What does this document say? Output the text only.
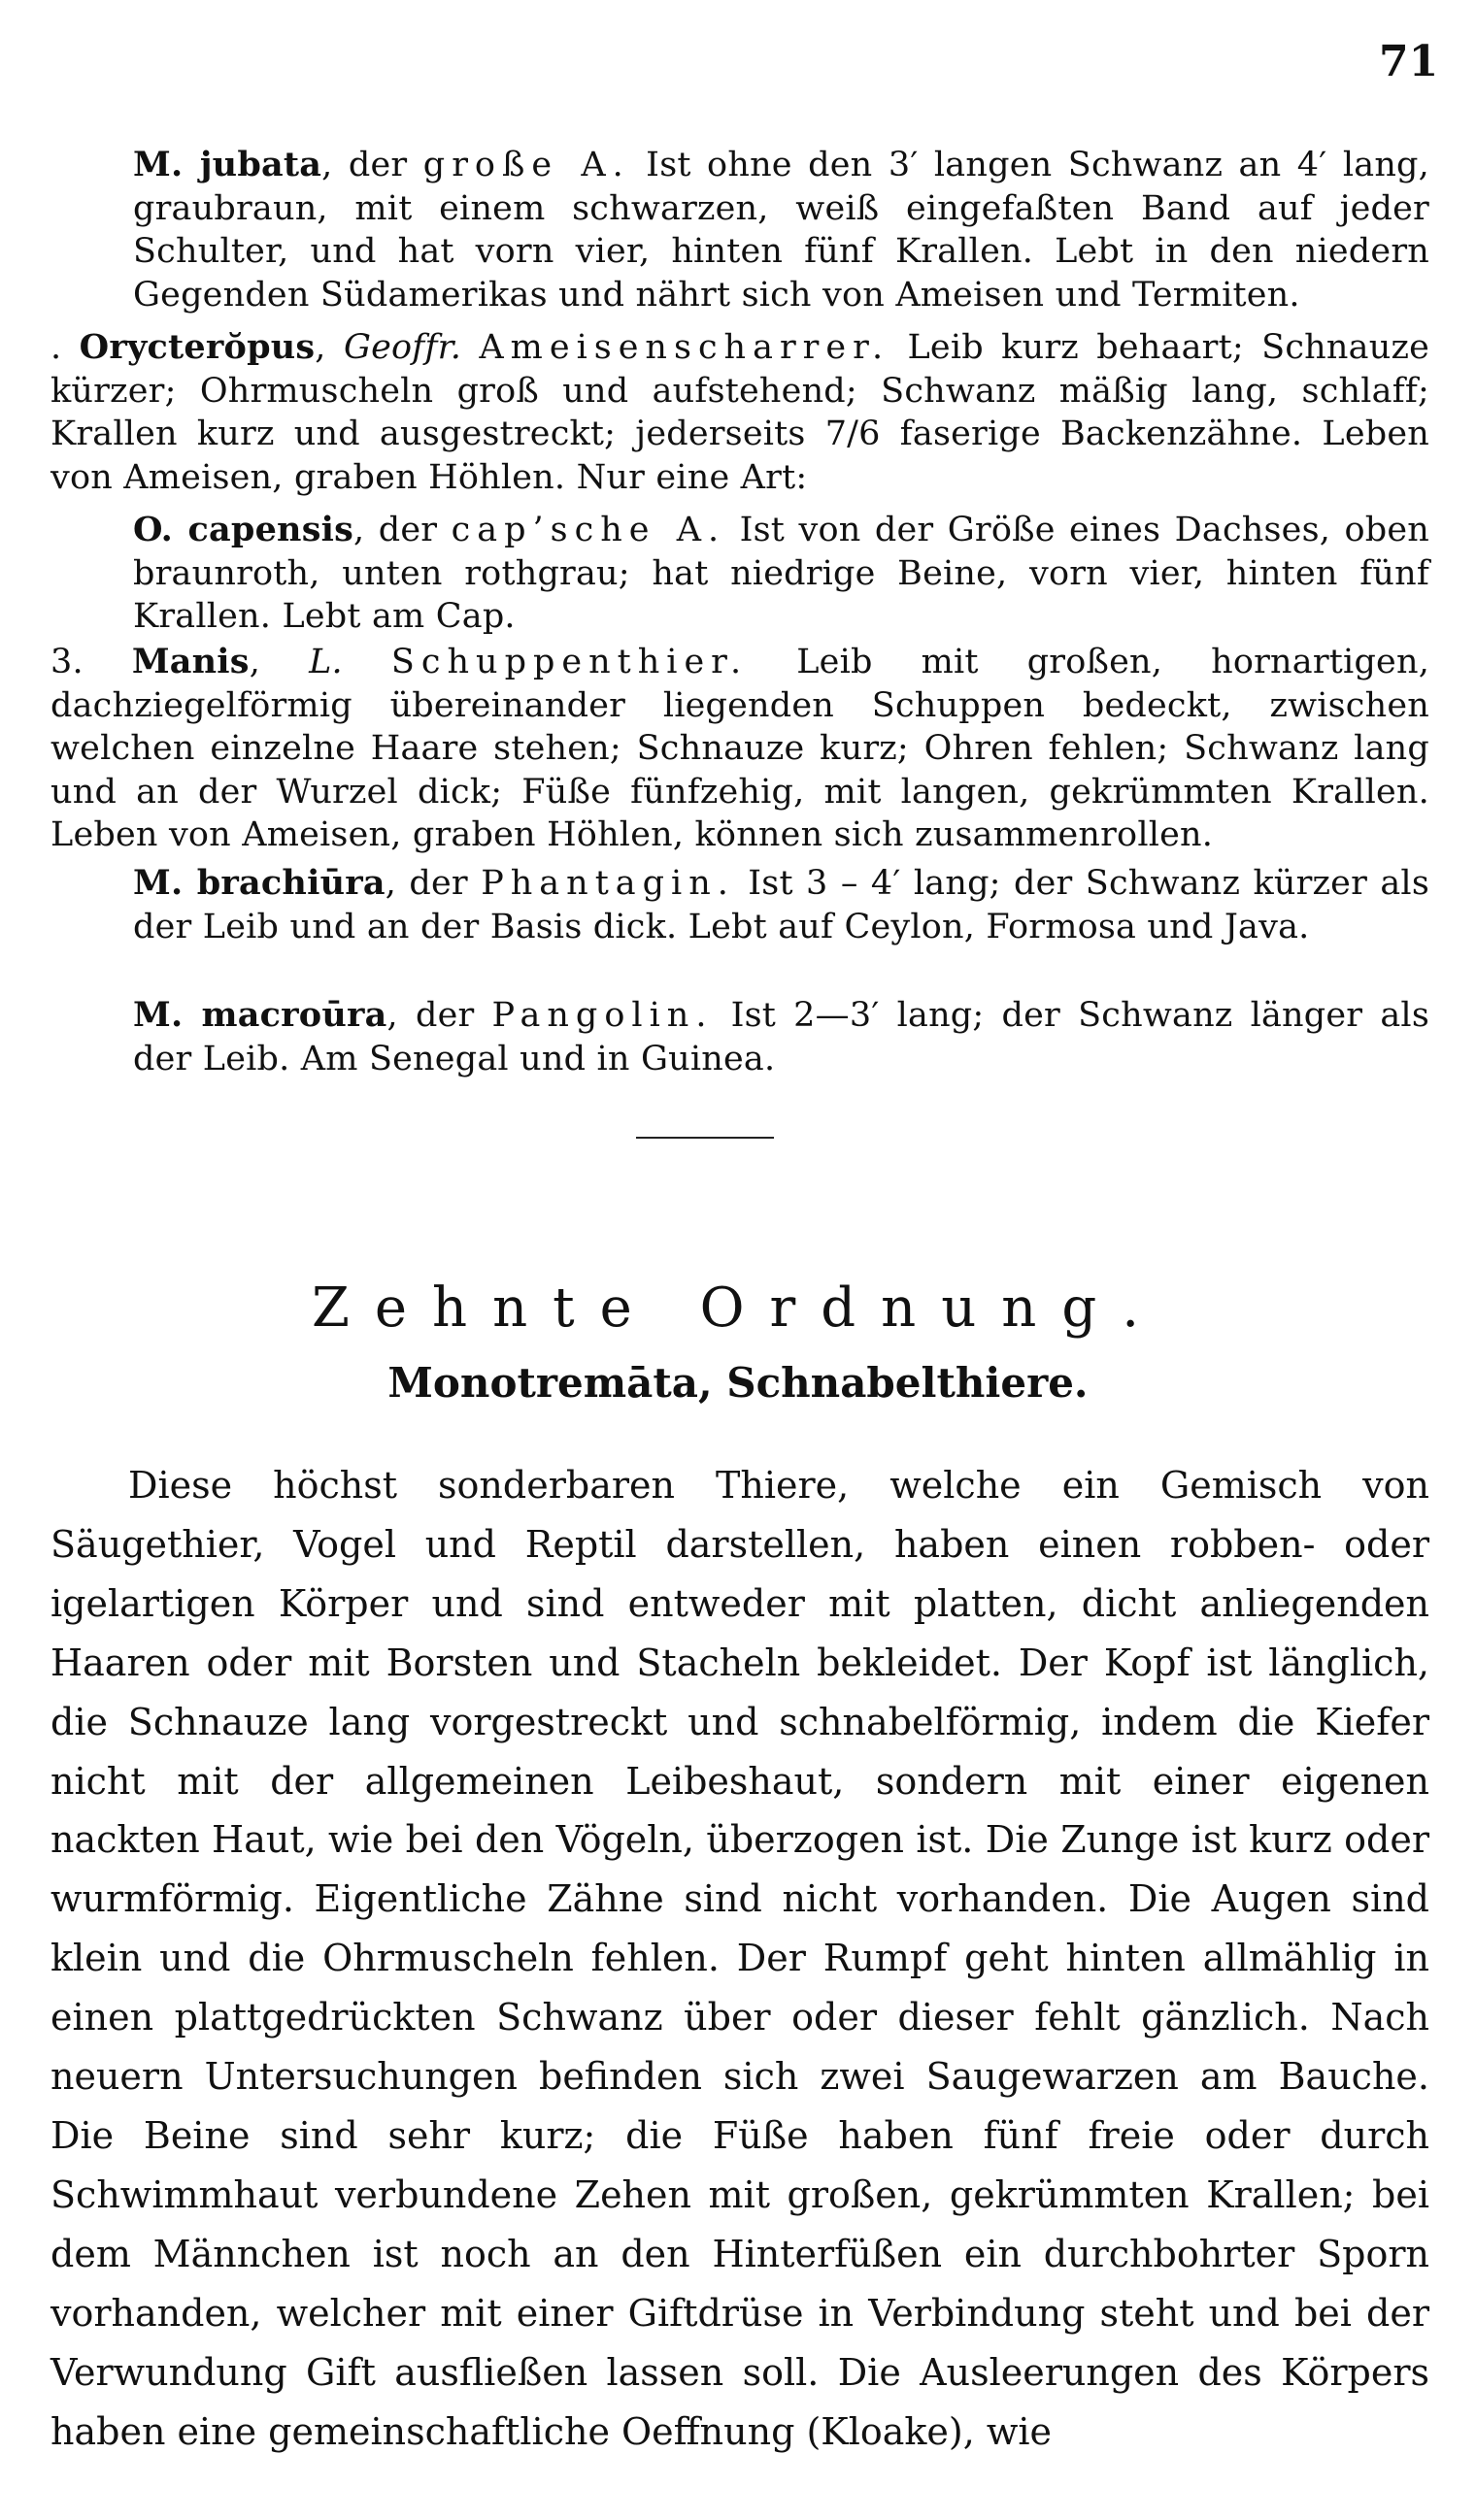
71

M. jubata, der große A. Ist ohne den 3′ langen Schwanz an 4′ lang, graubraun, mit einem schwarzen, weiß eingefaßten Band auf jeder Schulter, und hat vorn vier, hinten fünf Krallen. Lebt in den niedern Gegenden Südamerikas und nährt sich von Ameisen und Termiten.

. Orycterŏpus, Geoffr. Ameisenscharrer. Leib kurz behaart; Schnauze kürzer; Ohrmuscheln groß und aufstehend; Schwanz mäßig lang, schlaff; Krallen kurz und ausgestreckt; jederseits 7/6 faserige Backenzähne. Leben von Ameisen, graben Höhlen. Nur eine Art:

O. capensis, der cap’sche A. Ist von der Größe eines Dachses, oben braunroth, unten rothgrau; hat niedrige Beine, vorn vier, hinten fünf Krallen. Lebt am Cap.

3. Manis, L. Schuppenthier. Leib mit großen, hornartigen, dachziegelförmig übereinander liegenden Schuppen bedeckt, zwischen welchen einzelne Haare stehen; Schnauze kurz; Ohren fehlen; Schwanz lang und an der Wurzel dick; Füße fünfzehig, mit langen, gekrümmten Krallen. Leben von Ameisen, graben Höhlen, können sich zusammenrollen.

M. brachiūra, der Phantagin. Ist 3 – 4′ lang; der Schwanz kürzer als der Leib und an der Basis dick. Lebt auf Ceylon, Formosa und Java.

M. macroūra, der Pangolin. Ist 2—3′ lang; der Schwanz länger als der Leib. Am Senegal und in Guinea.

Zehnte Ordnung.
Monotremāta, Schnabelthiere.

Diese höchst sonderbaren Thiere, welche ein Gemisch von Säugethier, Vogel und Reptil darstellen, haben einen robben- oder igelartigen Körper und sind entweder mit platten, dicht anliegenden Haaren oder mit Borsten und Stacheln bekleidet. Der Kopf ist länglich, die Schnauze lang vorgestreckt und schnabelförmig, indem die Kiefer nicht mit der allgemeinen Leibeshaut, sondern mit einer eigenen nackten Haut, wie bei den Vögeln, überzogen ist. Die Zunge ist kurz oder wurmförmig. Eigentliche Zähne sind nicht vorhanden. Die Augen sind klein und die Ohrmuscheln fehlen. Der Rumpf geht hinten allmählig in einen plattgedrückten Schwanz über oder dieser fehlt gänzlich. Nach neuern Untersuchungen befinden sich zwei Saugewarzen am Bauche. Die Beine sind sehr kurz; die Füße haben fünf freie oder durch Schwimmhaut verbundene Zehen mit großen, gekrümmten Krallen; bei dem Männchen ist noch an den Hinterfüßen ein durchbohrter Sporn vorhanden, welcher mit einer Giftdrüse in Verbindung steht und bei der Verwundung Gift ausfließen lassen soll. Die Ausleerungen des Körpers haben eine gemeinschaftliche Oeffnung (Kloake), wie
